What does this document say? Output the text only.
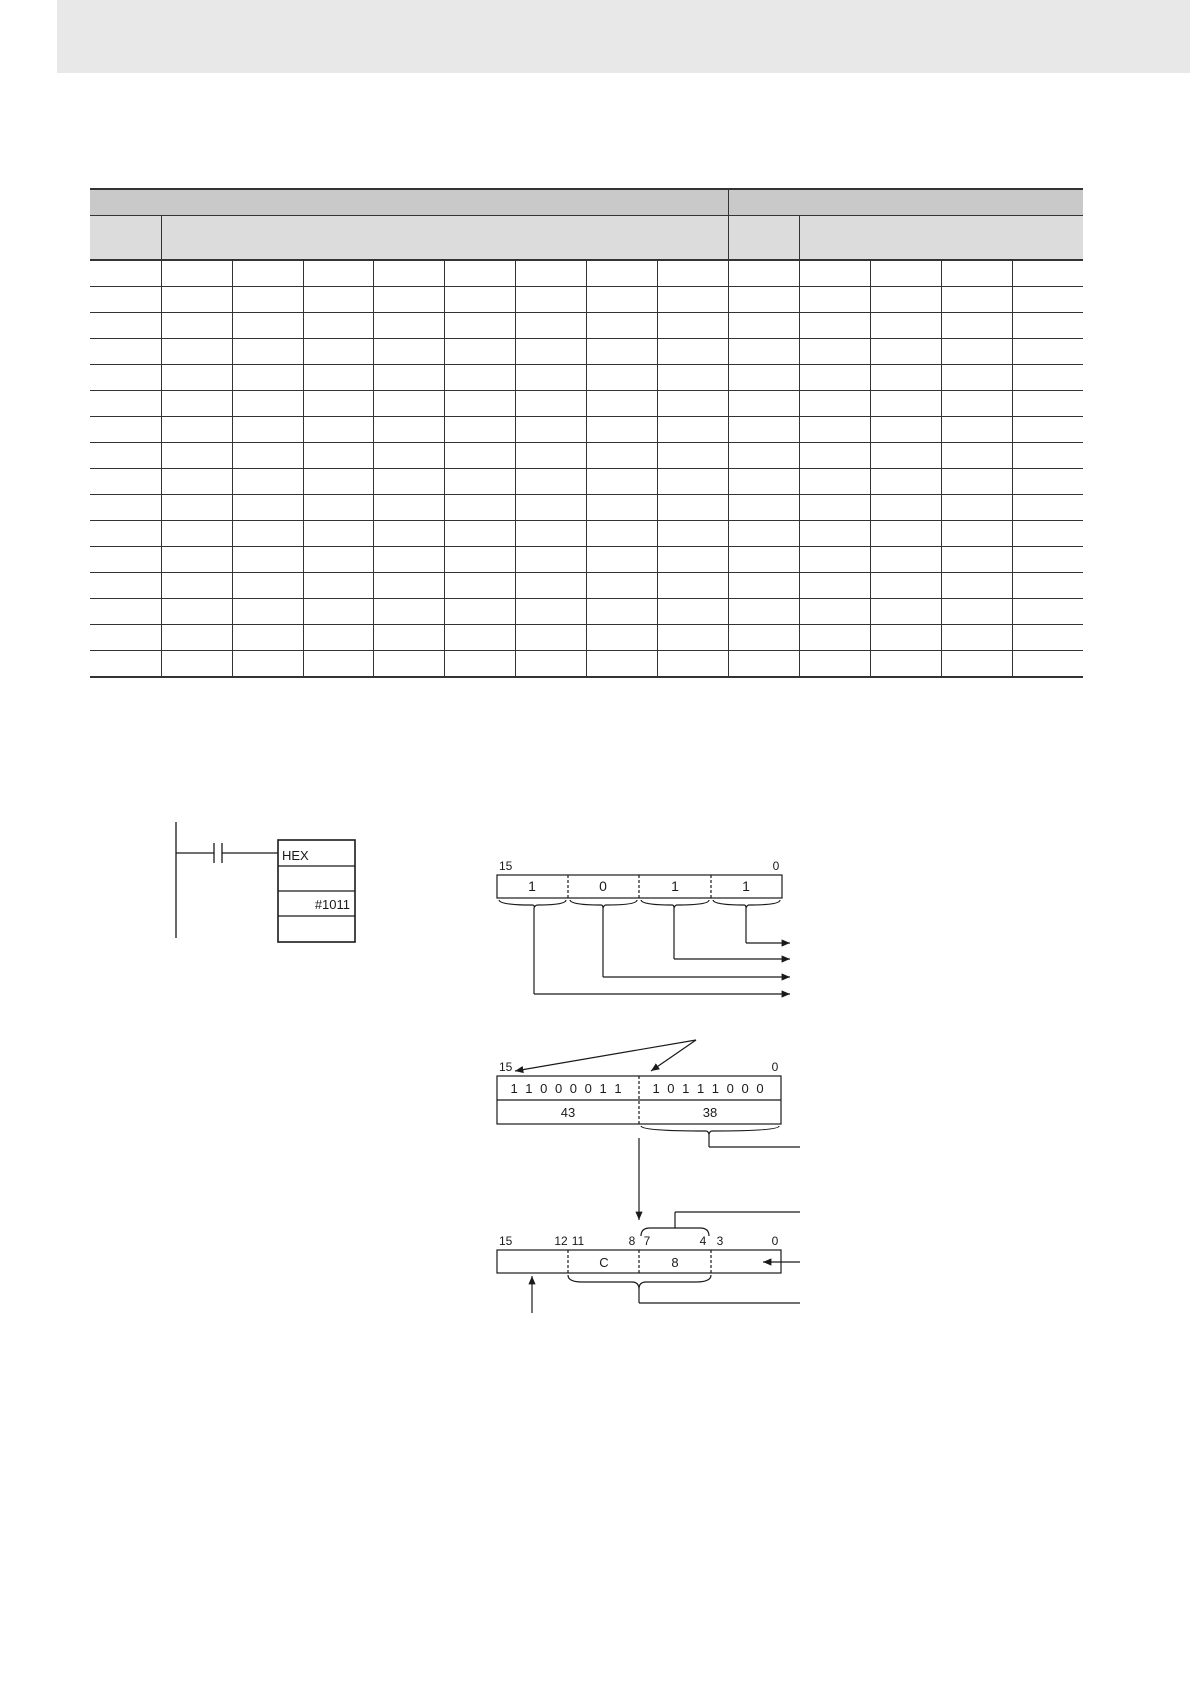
HEX
#1011
15	0
1	0	1	1
15	0
1 1 0 0 0 0 1 1 1 0 1 1 1 0 0 0
43	38
15	12 11	8 7	4 3	0
C	8
